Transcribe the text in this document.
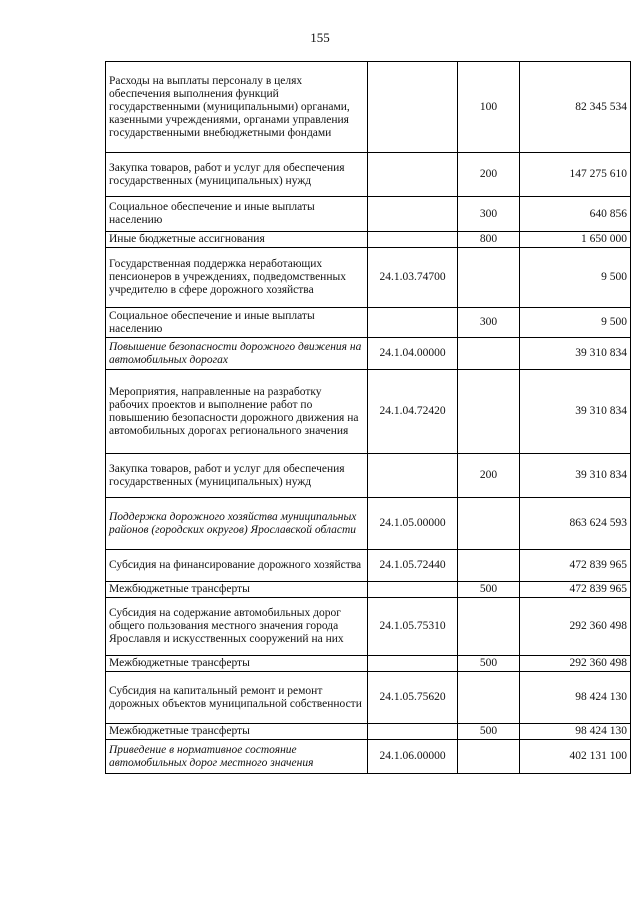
155
Расходы на выплаты персоналу в целях обеспечения выполнения функций государственными (муниципальными) органами, казенными учреждениями, органами управления государственными внебюджетными фондами		100	82 345 534
Закупка товаров, работ и услуг для обеспечения государственных (муниципальных) нужд		200	147 275 610
Социальное обеспечение и иные выплаты населению		300	640 856
Иные бюджетные ассигнования		800	1 650 000
Государственная поддержка неработающих пенсионеров в учреждениях, подведомственных учредителю в сфере дорожного хозяйства	24.1.03.74700		9 500
Социальное обеспечение и иные выплаты населению		300	9 500
Повышение безопасности дорожного движения на автомобильных дорогах	24.1.04.00000		39 310 834
Мероприятия, направленные на разработку рабочих проектов и выполнение работ по повышению безопасности дорожного движения на автомобильных дорогах регионального значения	24.1.04.72420		39 310 834
Закупка товаров, работ и услуг для обеспечения государственных (муниципальных) нужд		200	39 310 834
Поддержка дорожного хозяйства муниципальных районов (городских округов) Ярославской области	24.1.05.00000		863 624 593
Субсидия на финансирование дорожного хозяйства	24.1.05.72440		472 839 965
Межбюджетные трансферты		500	472 839 965
Субсидия на содержание автомобильных дорог общего пользования местного значения города Ярославля и искусственных сооружений на них	24.1.05.75310		292 360 498
Межбюджетные трансферты		500	292 360 498
Субсидия на капитальный ремонт и ремонт дорожных объектов муниципальной собственности	24.1.05.75620		98 424 130
Межбюджетные трансферты		500	98 424 130
Приведение в нормативное состояние автомобильных дорог местного значения	24.1.06.00000		402 131 100
